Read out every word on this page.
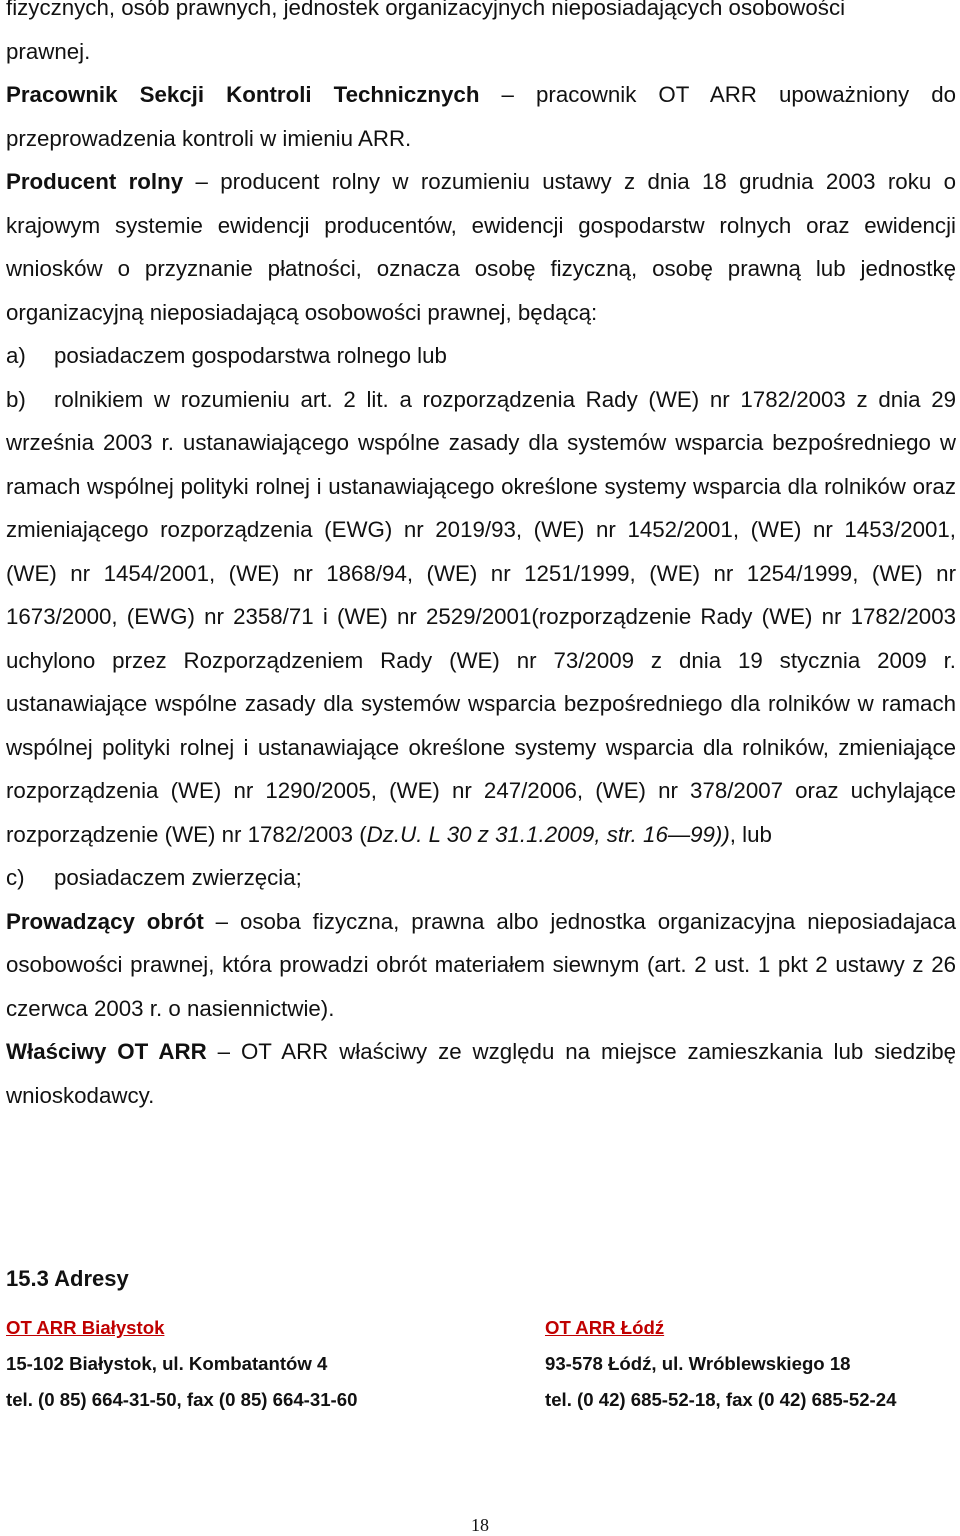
fizycznych, osób prawnych, jednostek organizacyjnych nieposiadających osobowości
prawnej.

Pracownik Sekcji Kontroli Technicznych – pracownik OT ARR upoważniony do przeprowadzenia kontroli w imieniu ARR.

Producent rolny – producent rolny w rozumieniu ustawy z dnia 18 grudnia 2003 roku o krajowym systemie ewidencji producentów, ewidencji gospodarstw rolnych oraz ewidencji wniosków o przyznanie płatności, oznacza osobę fizyczną, osobę prawną lub jednostkę organizacyjną nieposiadającą osobowości prawnej, będącą:

a) posiadaczem gospodarstwa rolnego lub

b) rolnikiem w rozumieniu art. 2 lit. a rozporządzenia Rady (WE) nr 1782/2003 z dnia 29 września 2003 r. ustanawiającego wspólne zasady dla systemów wsparcia bezpośredniego w ramach wspólnej polityki rolnej i ustanawiającego określone systemy wsparcia dla rolników oraz zmieniającego rozporządzenia (EWG) nr 2019/93, (WE) nr 1452/2001, (WE) nr 1453/2001, (WE) nr 1454/2001, (WE) nr 1868/94, (WE) nr 1251/1999, (WE) nr 1254/1999, (WE) nr 1673/2000, (EWG) nr 2358/71 i (WE) nr 2529/2001(rozporządzenie Rady (WE) nr 1782/2003 uchylono przez Rozporządzeniem Rady (WE) nr 73/2009 z dnia 19 stycznia 2009 r. ustanawiające wspólne zasady dla systemów wsparcia bezpośredniego dla rolników w ramach wspólnej polityki rolnej i ustanawiające określone systemy wsparcia dla rolników, zmieniające rozporządzenia (WE) nr 1290/2005, (WE) nr 247/2006, (WE) nr 378/2007 oraz uchylające rozporządzenie (WE) nr 1782/2003 (Dz.U. L 30 z 31.1.2009, str. 16—99)), lub

c) posiadaczem zwierzęcia;

Prowadzący obrót – osoba fizyczna, prawna albo jednostka organizacyjna nieposiadajaca osobowości prawnej, która prowadzi obrót materiałem siewnym (art. 2 ust. 1 pkt 2 ustawy z 26 czerwca 2003 r. o nasiennictwie).

Właściwy OT ARR – OT ARR właściwy ze względu na miejsce zamieszkania lub siedzibę wnioskodawcy.

15.3 Adresy
OT ARR Białystok
15-102 Białystok, ul. Kombatantów 4
tel. (0 85) 664-31-50, fax (0 85) 664-31-60
OT ARR Łódź
93-578 Łódź, ul. Wróblewskiego 18
tel. (0 42) 685-52-18, fax (0 42) 685-52-24

18
